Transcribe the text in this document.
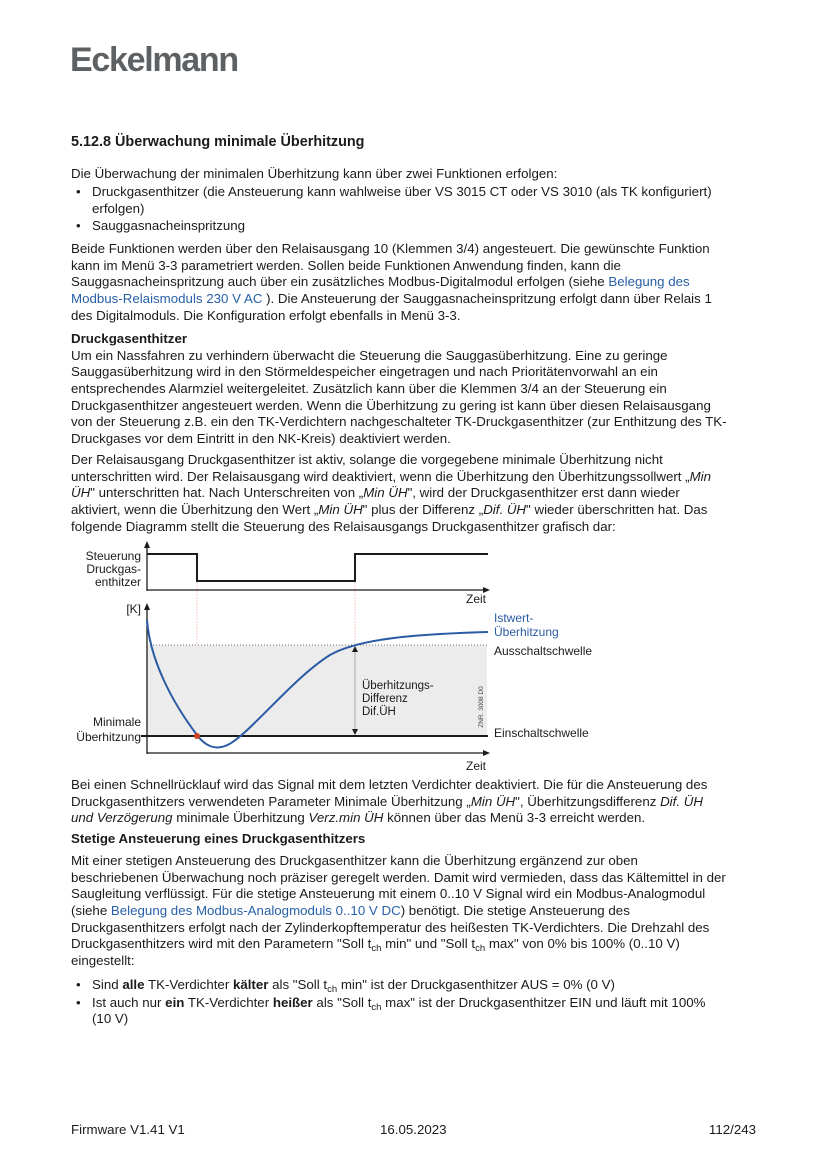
Eckelmann
5.12.8 Überwachung minimale Überhitzung
Die Überwachung der minimalen Überhitzung kann über zwei Funktionen erfolgen:
• Druckgasenthitzer (die Ansteuerung kann wahlweise über VS 3015 CT oder VS 3010 (als TK konfiguriert)
erfolgen)
• Sauggasnacheinspritzung
Beide Funktionen werden über den Relaisausgang 10 (Klemmen 3/4) angesteuert. Die gewünschte Funktion
kann im Menü 3-3 parametriert werden. Sollen beide Funktionen Anwendung finden, kann die
Sauggasnacheinspritzung auch über ein zusätzliches Modbus-Digitalmodul erfolgen (siehe Belegung des
Modbus-Relaismoduls 230 V AC ). Die Ansteuerung der Sauggasnacheinspritzung erfolgt dann über Relais 1
des Digitalmoduls. Die Konfiguration erfolgt ebenfalls in Menü 3-3.
Druckgasenthitzer
Um ein Nassfahren zu verhindern überwacht die Steuerung die Sauggasüberhitzung. Eine zu geringe
Sauggasüberhitzung wird in den Störmeldespeicher eingetragen und nach Prioritätenvorwahl an ein
entsprechendes Alarmziel weitergeleitet. Zusätzlich kann über die Klemmen 3/4 an der Steuerung ein
Druckgasenthitzer angesteuert werden. Wenn die Überhitzung zu gering ist kann über diesen Relaisausgang
von der Steuerung z.B. ein den TK-Verdichtern nachgeschalteter TK-Druckgasenthitzer (zur Enthitzung des TK-
Druckgases vor dem Eintritt in den NK-Kreis) deaktiviert werden.
Der Relaisausgang Druckgasenthitzer ist aktiv, solange die vorgegebene minimale Überhitzung nicht
unterschritten wird. Der Relaisausgang wird deaktiviert, wenn die Überhitzung den Überhitzungssollwert „Min
ÜH" unterschritten hat. Nach Unterschreiten von „Min ÜH", wird der Druckgasenthitzer erst dann wieder
aktiviert, wenn die Überhitzung den Wert „Min ÜH" plus der Differenz „Dif. ÜH" wieder überschritten hat. Das
folgende Diagramm stellt die Steuerung des Relaisausgangs Druckgasenthitzer grafisch dar:
Steuerung
Druckgas-
enthitzer
Zeit
[K]
Zeit
Überhitzungs-
Differenz
Dif.ÜH	ZNR. 3008 D0
Minimale
Überhitzung
Istwert-
Überhitzung
Ausschaltschwelle
Einschaltschwelle
Bei einen Schnellrücklauf wird das Signal mit dem letzten Verdichter deaktiviert. Die für die Ansteuerung des
Druckgasenthitzers verwendeten Parameter Minimale Überhitzung „Min ÜH", Überhitzungsdifferenz Dif. ÜH
und Verzögerung minimale Überhitzung Verz.min ÜH können über das Menü 3-3 erreicht werden.
Stetige Ansteuerung eines Druckgasenthitzers
Mit einer stetigen Ansteuerung des Druckgasenthitzer kann die Überhitzung ergänzend zur oben
beschriebenen Überwachung noch präziser geregelt werden. Damit wird vermieden, dass das Kältemittel in der
Saugleitung verflüssigt. Für die stetige Ansteuerung mit einem 0..10 V Signal wird ein Modbus-Analogmodul
(siehe Belegung des Modbus-Analogmoduls 0..10 V DC) benötigt. Die stetige Ansteuerung des
Druckgasenthitzers erfolgt nach der Zylinderkopftemperatur des heißesten TK-Verdichters. Die Drehzahl des
Druckgasenthitzers wird mit den Parametern "Soll $t_{ch}$ min" und "Soll $t_{ch}$ max" von 0% bis 100% (0..10 V)
eingestellt:
• Sind alle TK-Verdichter kälter als "Soll $t_{ch}$ min" ist der Druckgasenthitzer AUS = 0% (0 V)
• Ist auch nur ein TK-Verdichter heißer als "Soll $t_{ch}$ max" ist der Druckgasenthitzer EIN und läuft mit 100%
(10 V)
Firmware V1.41 V1	16.05.2023	112/243
